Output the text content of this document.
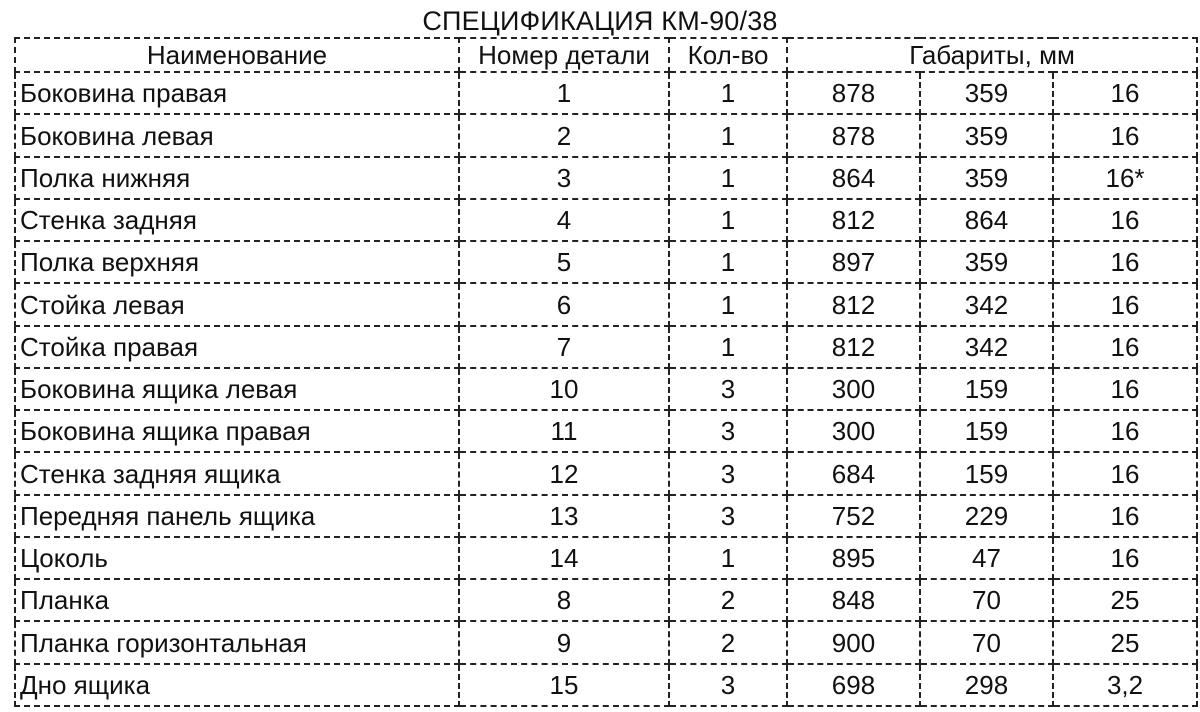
СПЕЦИФИКАЦИЯ КМ-90/38
Наименование	Номер детали	Кол-во	Габариты, мм		
Боковина правая	1	1	878	359	16
Боковина левая	2	1	878	359	16
Полка нижняя	3	1	864	359	16*
Стенка задняя	4	1	812	864	16
Полка верхняя	5	1	897	359	16
Стойка левая	6	1	812	342	16
Стойка правая	7	1	812	342	16
Боковина ящика левая	10	3	300	159	16
Боковина ящика правая	11	3	300	159	16
Стенка задняя ящика	12	3	684	159	16
Передняя панель ящика	13	3	752	229	16
Цоколь	14	1	895	47	16
Планка	8	2	848	70	25
Планка горизонтальная	9	2	900	70	25
Дно ящика	15	3	698	298	3,2
